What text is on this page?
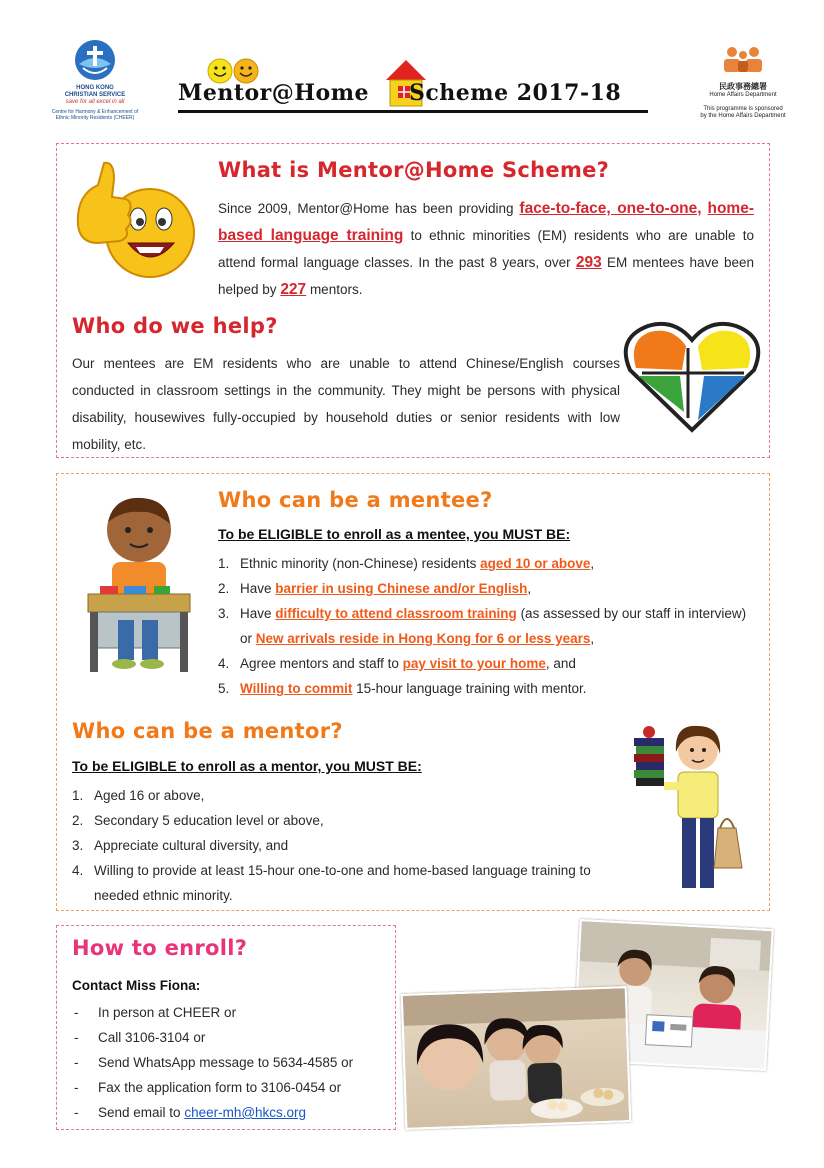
HONG KONG
CHRISTIAN SERVICE
save for all excel in all
Centre for Harmony & Enhancement of
Ethnic Minority Residents (CHEER)
Mentor@Home Scheme 2017-18	民政事務總署
Home Affairs Department
This programme is sponsored
by the Home Affairs Department
What is Mentor@Home Scheme?
Since 2009, Mentor@Home has been providing face-to-face, one-to-one, home-based language training to ethnic minorities (EM) residents who are unable to attend formal language classes. In the past 8 years, over 293 EM mentees have been helped by 227 mentors.
Who do we help?
Our mentees are EM residents who are unable to attend Chinese/English courses conducted in classroom settings in the community. They might be persons with physical disability, housewives fully-occupied by household duties or senior residents with low mobility, etc.
Who can be a mentee?
To be ELIGIBLE to enroll as a mentee, you MUST BE:
1. Ethnic minority (non-Chinese) residents aged 10 or above,
2. Have barrier in using Chinese and/or English,
3. Have difficulty to attend classroom training (as assessed by our staff in interview) or New arrivals reside in Hong Kong for 6 or less years,
4. Agree mentors and staff to pay visit to your home, and
5. Willing to commit 15-hour language training with mentor.
Who can be a mentor?
To be ELIGIBLE to enroll as a mentor, you MUST BE:
1. Aged 16 or above,
2. Secondary 5 education level or above,
3. Appreciate cultural diversity, and
4. Willing to provide at least 15-hour one-to-one and home-based language training to needed ethnic minority.
How to enroll?
Contact Miss Fiona:
- In person at CHEER or
- Call 3106-3104 or
- Send WhatsApp message to 5634-4585 or
- Fax the application form to 3106-0454 or
- Send email to cheer-mh@hkcs.org
